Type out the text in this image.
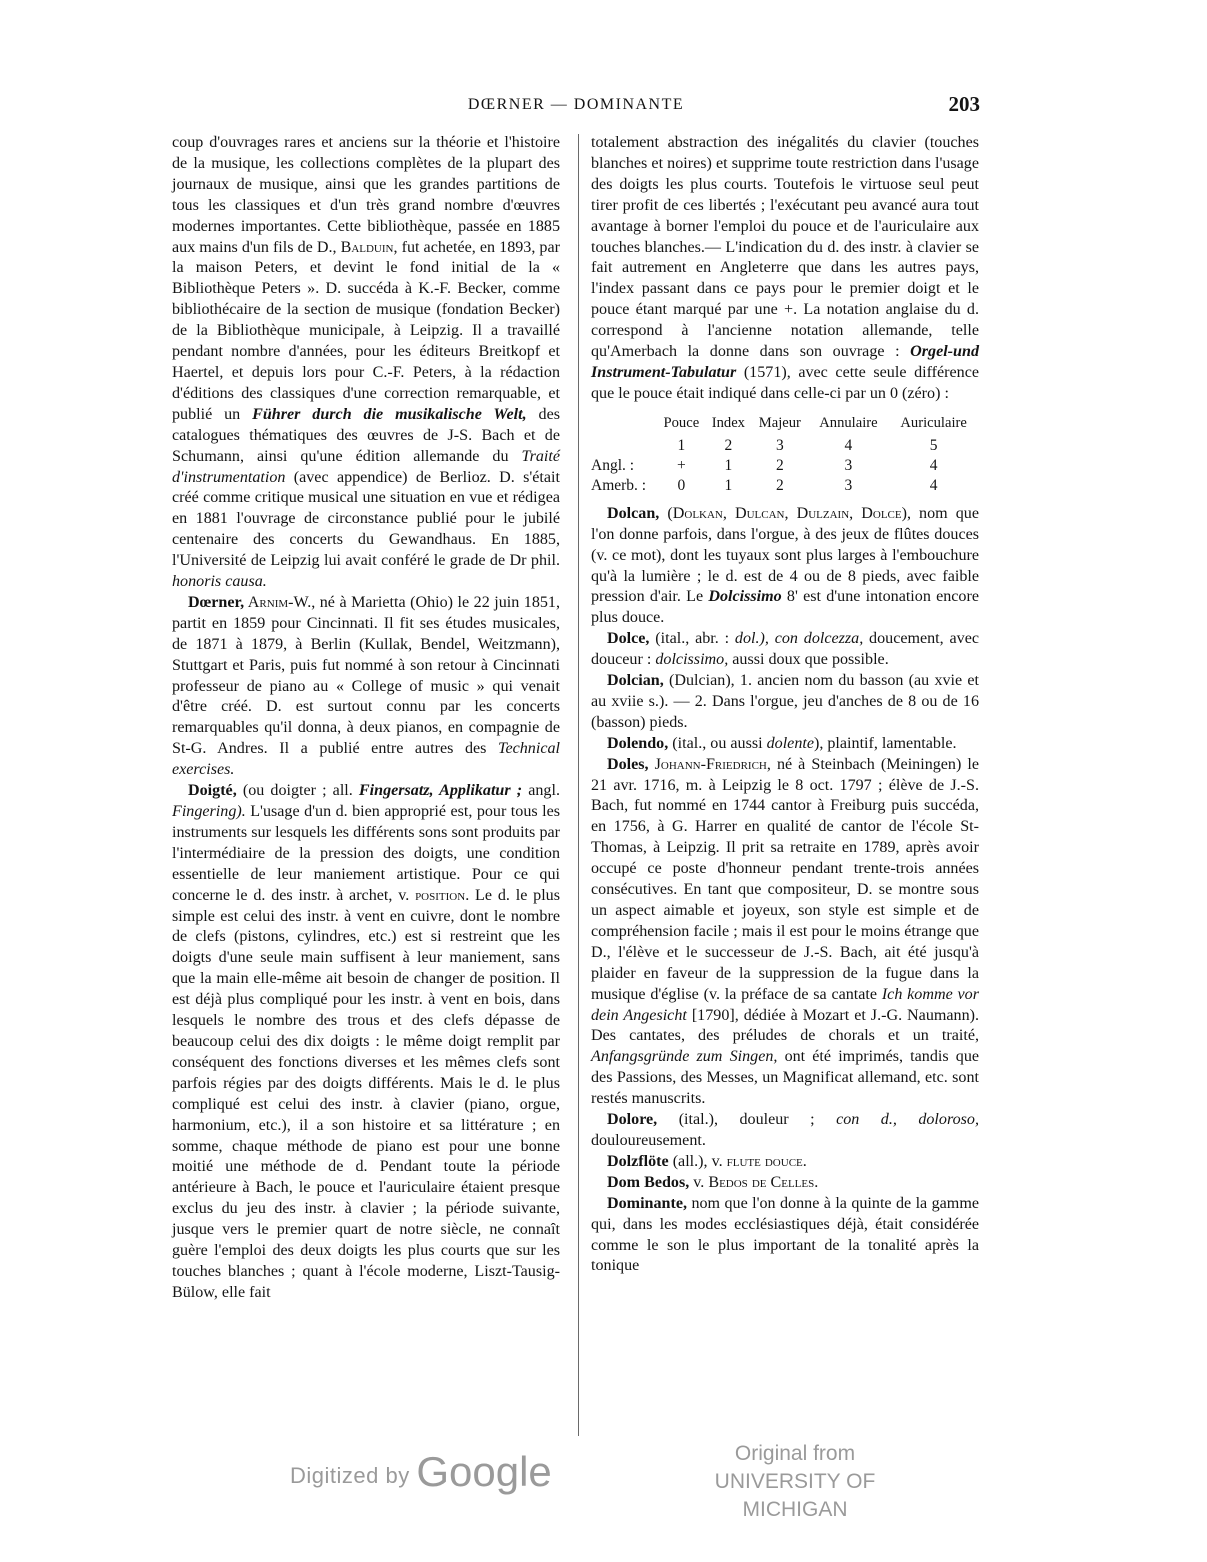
DŒRNER — DOMINANTE	203

coup d'ouvrages rares et anciens sur la théorie et l'histoire de la musique, les collections complètes de la plupart des journaux de musique, ainsi que les grandes partitions de tous les classiques et d'un très grand nombre d'œuvres modernes importantes. Cette bibliothèque, passée en 1885 aux mains d'un fils de D., Balduin, fut achetée, en 1893, par la maison Peters, et devint le fond initial de la « Bibliothèque Peters ». D. succéda à K.-F. Becker, comme bibliothécaire de la section de musique (fondation Becker) de la Bibliothèque municipale, à Leipzig. Il a travaillé pendant nombre d'années, pour les éditeurs Breitkopf et Haertel, et depuis lors pour C.-F. Peters, à la rédaction d'éditions des classiques d'une correction remarquable, et publié un Führer durch die musikalische Welt, des catalogues thématiques des œuvres de J-S. Bach et de Schumann, ainsi qu'une édition allemande du Traité d'instrumentation (avec appendice) de Berlioz. D. s'était créé comme critique musical une situation en vue et rédigea en 1881 l'ouvrage de circonstance publié pour le jubilé centenaire des concerts du Gewandhaus. En 1885, l'Université de Leipzig lui avait conféré le grade de Dr phil. honoris causa.

Dœrner, Arnim-W., né à Marietta (Ohio) le 22 juin 1851, partit en 1859 pour Cincinnati. Il fit ses études musicales, de 1871 à 1879, à Berlin (Kullak, Bendel, Weitzmann), Stuttgart et Paris, puis fut nommé à son retour à Cincinnati professeur de piano au « College of music » qui venait d'être créé. D. est surtout connu par les concerts remarquables qu'il donna, à deux pianos, en compagnie de St-G. Andres. Il a publié entre autres des Technical exercises.

Doigté, (ou doigter ; all. Fingersatz, Applikatur ; angl. Fingering). L'usage d'un d. bien approprié est, pour tous les instruments sur lesquels les différents sons sont produits par l'intermédiaire de la pression des doigts, une condition essentielle de leur maniement artistique. Pour ce qui concerne le d. des instr. à archet, v. position. Le d. le plus simple est celui des instr. à vent en cuivre, dont le nombre de clefs (pistons, cylindres, etc.) est si restreint que les doigts d'une seule main suffisent à leur maniement, sans que la main elle-même ait besoin de changer de position. Il est déjà plus compliqué pour les instr. à vent en bois, dans lesquels le nombre des trous et des clefs dépasse de beaucoup celui des dix doigts : le même doigt remplit par conséquent des fonctions diverses et les mêmes clefs sont parfois régies par des doigts différents. Mais le d. le plus compliqué est celui des instr. à clavier (piano, orgue, harmonium, etc.), il a son histoire et sa littérature ; en somme, chaque méthode de piano est pour une bonne moitié une méthode de d. Pendant toute la période antérieure à Bach, le pouce et l'auriculaire étaient presque exclus du jeu des instr. à clavier ; la période suivante, jusque vers le premier quart de notre siècle, ne connaît guère l'emploi des deux doigts les plus courts que sur les touches blanches ; quant à l'école moderne, Liszt-Tausig-Bülow, elle fait

totalement abstraction des inégalités du clavier (touches blanches et noires) et supprime toute restriction dans l'usage des doigts les plus courts. Toutefois le virtuose seul peut tirer profit de ces libertés ; l'exécutant peu avancé aura tout avantage à borner l'emploi du pouce et de l'auriculaire aux touches blanches.— L'indication du d. des instr. à clavier se fait autrement en Angleterre que dans les autres pays, l'index passant dans ce pays pour le premier doigt et le pouce étant marqué par une +. La notation anglaise du d. correspond à l'ancienne notation allemande, telle qu'Amerbach la donne dans son ouvrage : Orgel-und Instrument-Tabulatur (1571), avec cette seule différence que le pouce était indiqué dans celle-ci par un 0 (zéro) :

	Pouce	Index	Majeur	Annulaire	Auriculaire
	1	2	3	4	5
Angl. :	+	1	2	3	4
Amerb. :	0	1	2	3	4

Dolcan, (Dolkan, Dulcan, Dulzain, Dolce), nom que l'on donne parfois, dans l'orgue, à des jeux de flûtes douces (v. ce mot), dont les tuyaux sont plus larges à l'embouchure qu'à la lumière ; le d. est de 4 ou de 8 pieds, avec faible pression d'air. Le Dolcissimo 8' est d'une intonation encore plus douce.

Dolce, (ital., abr. : dol.), con dolcezza, doucement, avec douceur : dolcissimo, aussi doux que possible.

Dolcian, (Dulcian), 1. ancien nom du basson (au xvie et au xviie s.). — 2. Dans l'orgue, jeu d'anches de 8 ou de 16 (basson) pieds.

Dolendo, (ital., ou aussi dolente), plaintif, lamentable.

Doles, Johann-Friedrich, né à Steinbach (Meiningen) le 21 avr. 1716, m. à Leipzig le 8 oct. 1797 ; élève de J.-S. Bach, fut nommé en 1744 cantor à Freiburg puis succéda, en 1756, à G. Harrer en qualité de cantor de l'école St-Thomas, à Leipzig. Il prit sa retraite en 1789, après avoir occupé ce poste d'honneur pendant trente-trois années consécutives. En tant que compositeur, D. se montre sous un aspect aimable et joyeux, son style est simple et de compréhension facile ; mais il est pour le moins étrange que D., l'élève et le successeur de J.-S. Bach, ait été jusqu'à plaider en faveur de la suppression de la fugue dans la musique d'église (v. la préface de sa cantate Ich komme vor dein Angesicht [1790], dédiée à Mozart et J.-G. Naumann). Des cantates, des préludes de chorals et un traité, Anfangsgründe zum Singen, ont été imprimés, tandis que des Passions, des Messes, un Magnificat allemand, etc. sont restés manuscrits.

Dolore, (ital.), douleur ; con d., doloroso, douloureusement.

Dolzflöte (all.), v. flute douce.

Dom Bedos, v. Bedos de Celles.

Dominante, nom que l'on donne à la quinte de la gamme qui, dans les modes ecclésiastiques déjà, était considérée comme le son le plus important de la tonalité après la tonique

Digitized by Google	Original from
UNIVERSITY OF MICHIGAN
